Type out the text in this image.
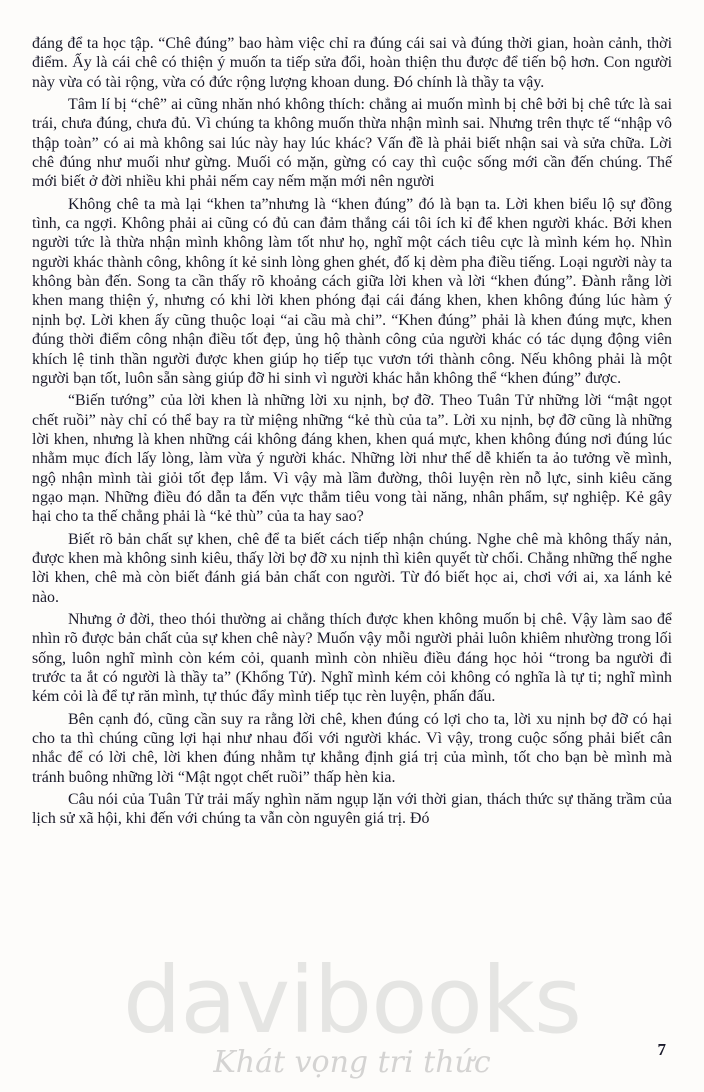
đáng để ta học tập. “Chê đúng” bao hàm việc chỉ ra đúng cái sai và đúng thời gian, hoàn cảnh, thời điểm. Ấy là cái chê có thiện ý muốn ta tiếp sửa đổi, hoàn thiện thu được để tiến bộ hơn. Con người này vừa có tài rộng, vừa có đức rộng lượng khoan dung. Đó chính là thầy ta vậy.

Tâm lí bị “chê” ai cũng nhăn nhó không thích: chẳng ai muốn mình bị chê bởi bị chê tức là sai trái, chưa đúng, chưa đủ. Vì chúng ta không muốn thừa nhận mình sai. Nhưng trên thực tế “nhập vô thập toàn” có ai mà không sai lúc này hay lúc khác? Vấn đề là phải biết nhận sai và sửa chữa. Lời chê đúng như muối như gừng. Muối có mặn, gừng có cay thì cuộc sống mới cần đến chúng. Thế mới biết ở đời nhiều khi phải nếm cay nếm mặn mới nên người

Không chê ta mà lại “khen ta”nhưng là “khen đúng” đó là bạn ta. Lời khen biểu lộ sự đồng tình, ca ngợi. Không phải ai cũng có đủ can đảm thắng cái tôi ích kỉ để khen người khác. Bởi khen người tức là thừa nhận mình không làm tốt như họ, nghĩ một cách tiêu cực là mình kém họ. Nhìn người khác thành công, không ít kẻ sinh lòng ghen ghét, đố kị dèm pha điều tiếng. Loại người này ta không bàn đến. Song ta cần thấy rõ khoảng cách giữa lời khen và lời “khen đúng”. Đành rằng lời khen mang thiện ý, nhưng có khi lời khen phóng đại cái đáng khen, khen không đúng lúc hàm ý nịnh bợ. Lời khen ấy cũng thuộc loại “ai cầu mà chi”. “Khen đúng” phải là khen đúng mực, khen đúng thời điểm công nhận điều tốt đẹp, ủng hộ thành công của người khác có tác dụng động viên khích lệ tinh thần người được khen giúp họ tiếp tục vươn tới thành công. Nếu không phải là một người bạn tốt, luôn sẵn sàng giúp đỡ hi sinh vì người khác hẳn không thể “khen đúng” được.

“Biến tướng” của lời khen là những lời xu nịnh, bợ đỡ. Theo Tuân Tử những lời “mật ngọt chết ruồi” này chỉ có thể bay ra từ miệng những “kẻ thù của ta”. Lời xu nịnh, bợ đỡ cũng là những lời khen, nhưng là khen những cái không đáng khen, khen quá mực, khen không đúng nơi đúng lúc nhằm mục đích lấy lòng, làm vừa ý người khác. Những lời như thế dễ khiến ta ảo tưởng về mình, ngộ nhận mình tài giỏi tốt đẹp lắm. Vì vậy mà lầm đường, thôi luyện rèn nỗ lực, sinh kiêu căng ngạo mạn. Những điều đó dẫn ta đến vực thẳm tiêu vong tài năng, nhân phẩm, sự nghiệp. Kẻ gây hại cho ta thế chẳng phải là “kẻ thù” của ta hay sao?

Biết rõ bản chất sự khen, chê để ta biết cách tiếp nhận chúng. Nghe chê mà không thấy nản, được khen mà không sinh kiêu, thấy lời bợ đỡ xu nịnh thì kiên quyết từ chối. Chẳng những thế nghe lời khen, chê mà còn biết đánh giá bản chất con người. Từ đó biết học ai, chơi với ai, xa lánh kẻ nào.

Nhưng ở đời, theo thói thường ai chẳng thích được khen không muốn bị chê. Vậy làm sao để nhìn rõ được bản chất của sự khen chê này? Muốn vậy mỗi người phải luôn khiêm nhường trong lối sống, luôn nghĩ mình còn kém cỏi, quanh mình còn nhiều điều đáng học hỏi “trong ba người đi trước ta ắt có người là thầy ta” (Khổng Tử). Nghĩ mình kém cỏi không có nghĩa là tự ti; nghĩ mình kém cỏi là để tự răn mình, tự thúc đẩy mình tiếp tục rèn luyện, phấn đấu.

Bên cạnh đó, cũng cần suy ra rằng lời chê, khen đúng có lợi cho ta, lời xu nịnh bợ đỡ có hại cho ta thì chúng cũng lợi hại như nhau đối với người khác. Vì vậy, trong cuộc sống phải biết cân nhắc để có lời chê, lời khen đúng nhằm tự khẳng định giá trị của mình, tốt cho bạn bè mình mà tránh buông những lời “Mật ngọt chết ruồi” thấp hèn kia.

Câu nói của Tuân Tử trải mấy nghìn năm ngụp lặn với thời gian, thách thức sự thăng trầm của lịch sử xã hội, khi đến với chúng ta vẫn còn nguyên giá trị. Đó

davibooks
Khát vọng tri thức	7
